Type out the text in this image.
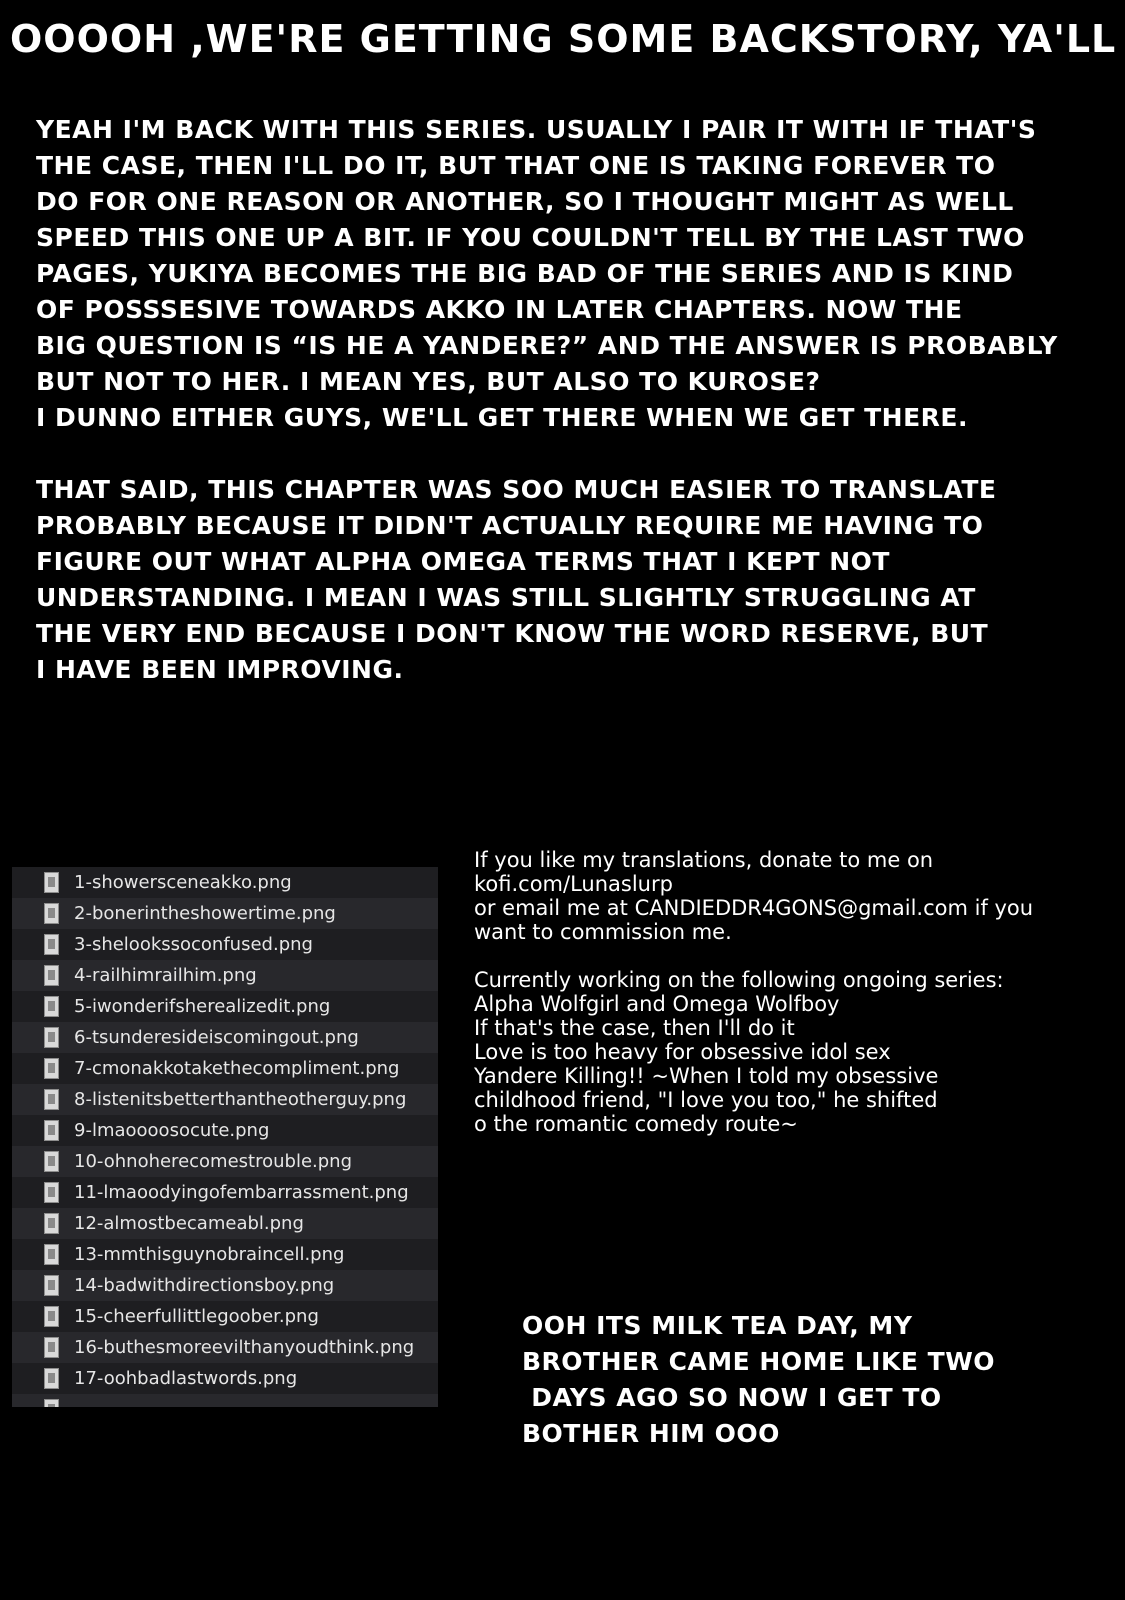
OOOOH ,WE'RE GETTING SOME BACKSTORY, YA'LL
YEAH I'M BACK WITH THIS SERIES. USUALLY I PAIR IT WITH IF THAT'S
THE CASE, THEN I'LL DO IT, BUT THAT ONE IS TAKING FOREVER TO
DO FOR ONE REASON OR ANOTHER, SO I THOUGHT MIGHT AS WELL
SPEED THIS ONE UP A BIT. IF YOU COULDN'T TELL BY THE LAST TWO
PAGES, YUKIYA BECOMES THE BIG BAD OF THE SERIES AND IS KIND
OF POSSSESIVE TOWARDS AKKO IN LATER CHAPTERS. NOW THE
BIG QUESTION IS “IS HE A YANDERE?” AND THE ANSWER IS PROBABLY
BUT NOT TO HER. I MEAN YES, BUT ALSO TO KUROSE?
I DUNNO EITHER GUYS, WE'LL GET THERE WHEN WE GET THERE.
THAT SAID, THIS CHAPTER WAS SOO MUCH EASIER TO TRANSLATE
PROBABLY BECAUSE IT DIDN'T ACTUALLY REQUIRE ME HAVING TO
FIGURE OUT WHAT ALPHA OMEGA TERMS THAT I KEPT NOT
UNDERSTANDING. I MEAN I WAS STILL SLIGHTLY STRUGGLING AT
THE VERY END BECAUSE I DON'T KNOW THE WORD RESERVE, BUT
I HAVE BEEN IMPROVING.
1-showersceneakko.png
2-bonerintheshowertime.png
3-shelookssoconfused.png
4-railhimrailhim.png
5-iwonderifsherealizedit.png
6-tsunderesideiscomingout.png
7-cmonakkotakethecompliment.png
8-listenitsbetterthantheotherguy.png
9-lmaoooosocute.png
10-ohnoherecomestrouble.png
11-lmaoodyingofembarrassment.png
12-almostbecameabl.png
13-mmthisguynobraincell.png
14-badwithdirectionsboy.png
15-cheerfullittlegoober.png
16-buthesmoreevilthanyoudthink.png
17-oohbadlastwords.png
If you like my translations, donate to me on
kofi.com/Lunaslurp
or email me at CANDIEDDR4GONS@gmail.com if you
want to commission me.
Currently working on the following ongoing series:
Alpha Wolfgirl and Omega Wolfboy
If that's the case, then I'll do it
Love is too heavy for obsessive idol sex
Yandere Killing!! ~When I told my obsessive
childhood friend, "I love you too," he shifted
o the romantic comedy route~
OOH ITS MILK TEA DAY, MY
BROTHER CAME HOME LIKE TWO
DAYS AGO SO NOW I GET TO
BOTHER HIM OOO
